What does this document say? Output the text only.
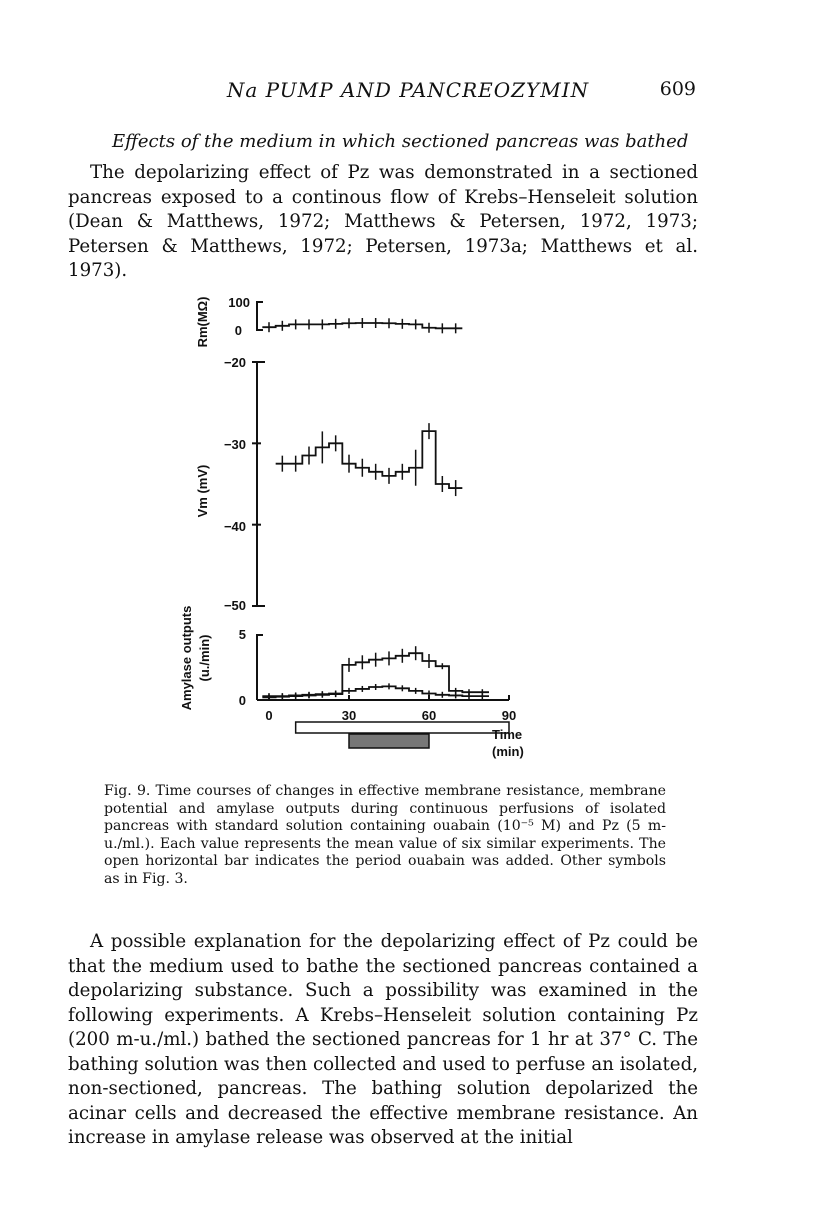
Na PUMP AND PANCREOZYMIN	609
Effects of the medium in which sectioned pancreas was bathed

The depolarizing effect of Pz was demonstrated in a sectioned pancreas exposed to a continous flow of Krebs–Henseleit solution (Dean & Matthews, 1972; Matthews & Petersen, 1972, 1973; Petersen & Matthews, 1972; Petersen, 1973a; Matthews et al. 1973).

Rm(MΩ)
Vm (mV)
Amylase outputs (u./min)
0	30	60	90
Time
(min)
100
0
−20
−30
−40
−50
5
0
Fig. 9. Time courses of changes in effective membrane resistance, membrane potential and amylase outputs during continuous perfusions of isolated pancreas with standard solution containing ouabain (10⁻⁵ M) and Pz (5 m-u./ml.). Each value represents the mean value of six similar experiments. The open horizontal bar indicates the period ouabain was added. Other symbols as in Fig. 3.

A possible explanation for the depolarizing effect of Pz could be that the medium used to bathe the sectioned pancreas contained a depolarizing substance. Such a possibility was examined in the following experiments. A Krebs–Henseleit solution containing Pz (200 m-u./ml.) bathed the sectioned pancreas for 1 hr at 37° C. The bathing solution was then collected and used to perfuse an isolated, non-sectioned, pancreas. The bathing solution depolarized the acinar cells and decreased the effective membrane resistance. An increase in amylase release was observed at the initial
